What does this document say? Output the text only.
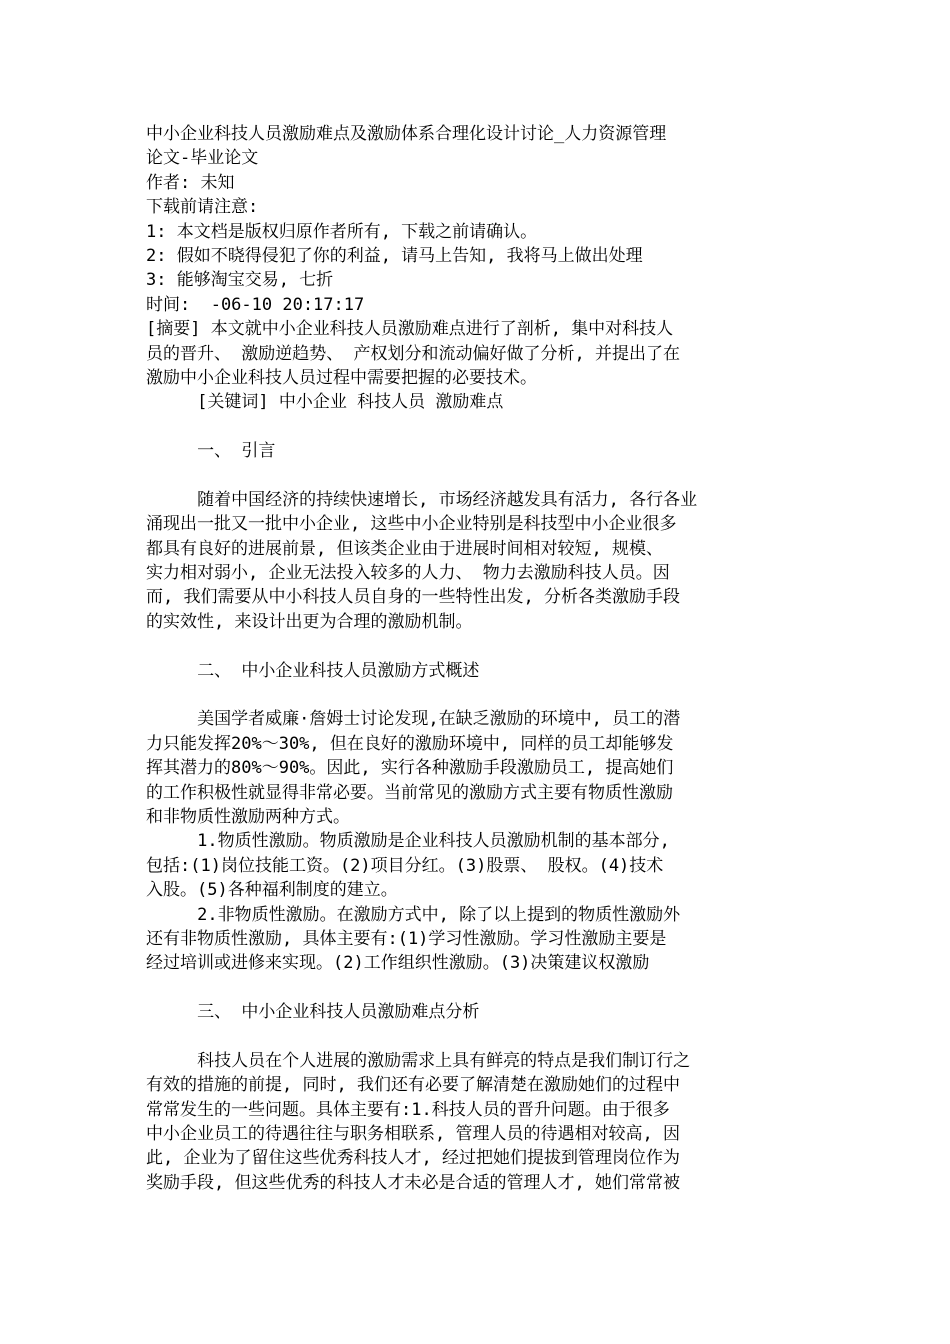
中小企业科技人员激励难点及激励体系合理化设计讨论_人力资源管理
论文-毕业论文
作者: 未知
下载前请注意:
1: 本文档是版权归原作者所有, 下载之前请确认。
2: 假如不晓得侵犯了你的利益, 请马上告知, 我将马上做出处理
3: 能够淘宝交易, 七折
时间:  -06-10 20:17:17
[摘要] 本文就中小企业科技人员激励难点进行了剖析, 集中对科技人
员的晋升、 激励逆趋势、 产权划分和流动偏好做了分析, 并提出了在
激励中小企业科技人员过程中需要把握的必要技术。
[关键词] 中小企业 科技人员 激励难点
一、 引言
随着中国经济的持续快速增长, 市场经济越发具有活力, 各行各业
涌现出一批又一批中小企业, 这些中小企业特别是科技型中小企业很多
都具有良好的进展前景, 但该类企业由于进展时间相对较短, 规模、
实力相对弱小, 企业无法投入较多的人力、 物力去激励科技人员。因
而, 我们需要从中小科技人员自身的一些特性出发, 分析各类激励手段
的实效性, 来设计出更为合理的激励机制。
二、 中小企业科技人员激励方式概述
美国学者威廉·詹姆士讨论发现,在缺乏激励的环境中, 员工的潜
力只能发挥20%～30%, 但在良好的激励环境中, 同样的员工却能够发
挥其潜力的80%～90%。因此, 实行各种激励手段激励员工, 提高她们
的工作积极性就显得非常必要。当前常见的激励方式主要有物质性激励
和非物质性激励两种方式。
1.物质性激励。物质激励是企业科技人员激励机制的基本部分,
包括:(1)岗位技能工资。(2)项目分红。(3)股票、 股权。(4)技术
入股。(5)各种福利制度的建立。
2.非物质性激励。在激励方式中, 除了以上提到的物质性激励外
还有非物质性激励, 具体主要有:(1)学习性激励。学习性激励主要是
经过培训或进修来实现。(2)工作组织性激励。(3)决策建议权激励
三、 中小企业科技人员激励难点分析
科技人员在个人进展的激励需求上具有鲜亮的特点是我们制订行之
有效的措施的前提, 同时, 我们还有必要了解清楚在激励她们的过程中
常常发生的一些问题。具体主要有:1.科技人员的晋升问题。由于很多
中小企业员工的待遇往往与职务相联系, 管理人员的待遇相对较高, 因
此, 企业为了留住这些优秀科技人才, 经过把她们提拔到管理岗位作为
奖励手段, 但这些优秀的科技人才未必是合适的管理人才, 她们常常被
